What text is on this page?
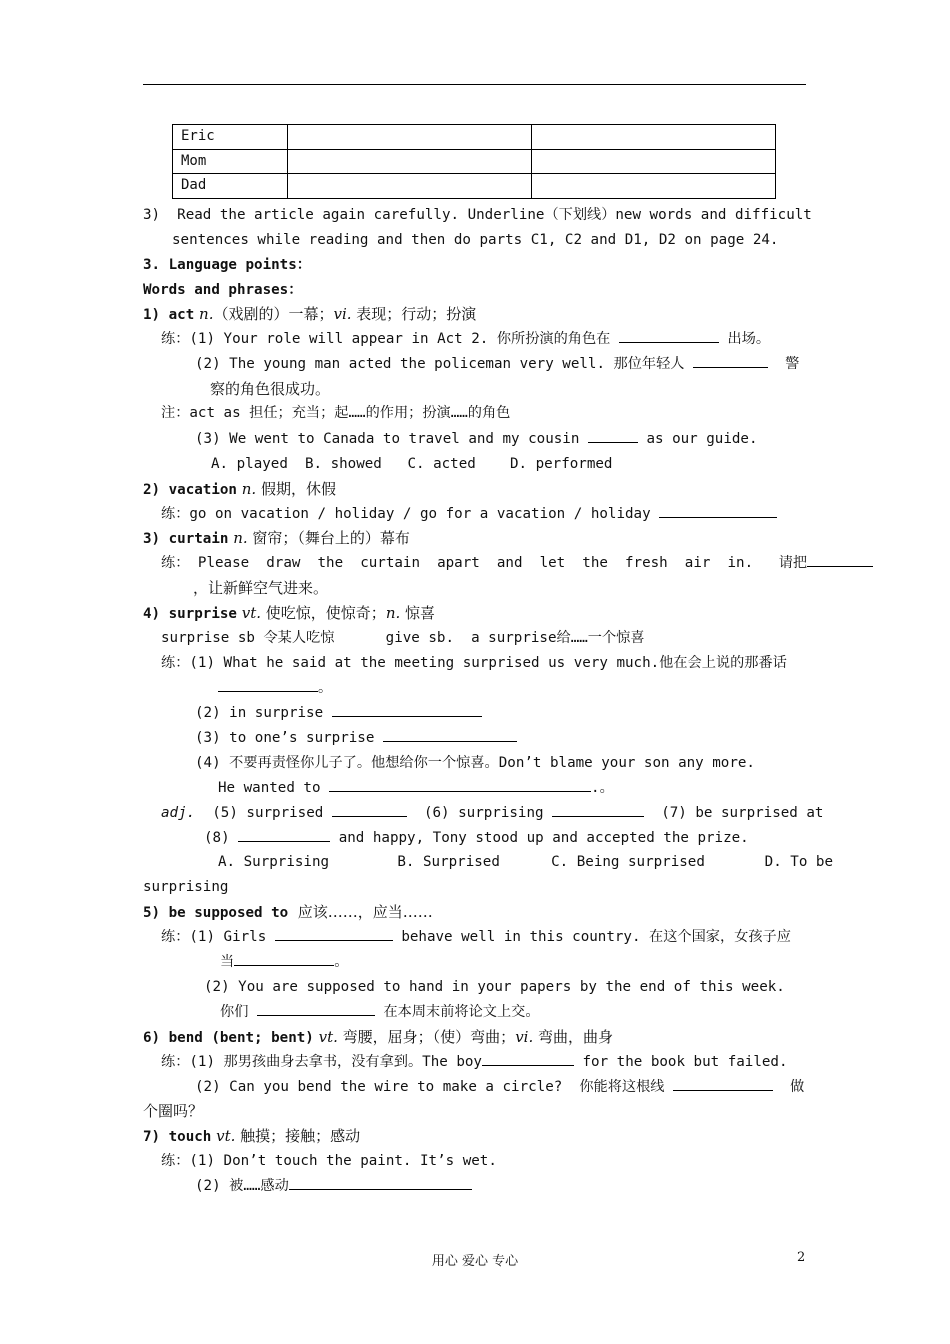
Eric		
Mom		
Dad		
3)  Read the article again carefully. Underline（下划线）new words and difficult
sentences while reading and then do parts C1, C2 and D1, D2 on page 24.
3. Language points：
Words and phrases：
1) act n.（戏剧的）一幕；vi. 表现；行动；扮演
练：(1) Your role will appear in Act 2. 你所扮演的角色在	出场。
(2) The young man acted the policeman very well. 那位年轻人	警
察的角色很成功。
注：act as 担任；充当；起……的作用；扮演……的角色
(3) We went to Canada to travel and my cousin	as our guide.
A. played  B. showed   C. acted    D. performed
2) vacation n. 假期，休假
练：go on vacation / holiday / go for a vacation / holiday
3) curtain n. 窗帘；（舞台上的）幕布
练： Please  draw  the  curtain  apart  and  let  the  fresh  air  in.   请把
，让新鲜空气进来。
4) surprise vt. 使吃惊，使惊奇；n. 惊喜
surprise sb 令某人吃惊      give sb.  a surprise给……一个惊喜
练：(1) What he said at the meeting surprised us very much.他在会上说的那番话
。
(2) in surprise
(3) to one’s surprise
(4) 不要再责怪你儿子了。他想给你一个惊喜。Don’t blame your son any more.
He wanted to	.。
adj. (5) surprised	(6) surprising	(7) be surprised at
(8)	and happy, Tony stood up and accepted the prize.
A. Surprising        B. Surprised      C. Being surprised       D. To be
surprising
5) be supposed to  应该……，应当……
练：(1) Girls	behave well in this country. 在这个国家，女孩子应
当	。
(2) You are supposed to hand in your papers by the end of this week.
你们	在本周末前将论文上交。
6) bend (bent; bent) vt. 弯腰，屈身；（使）弯曲；vi. 弯曲，曲身
练：(1) 那男孩曲身去拿书，没有拿到。The boy	for the book but failed.
(2) Can you bend the wire to make a circle?  你能将这根线	做
个圈吗？
7) touch vt. 触摸；接触；感动
练：(1) Don’t touch the paint. It’s wet.
(2) 被……感动
用心 爱心 专心	2
